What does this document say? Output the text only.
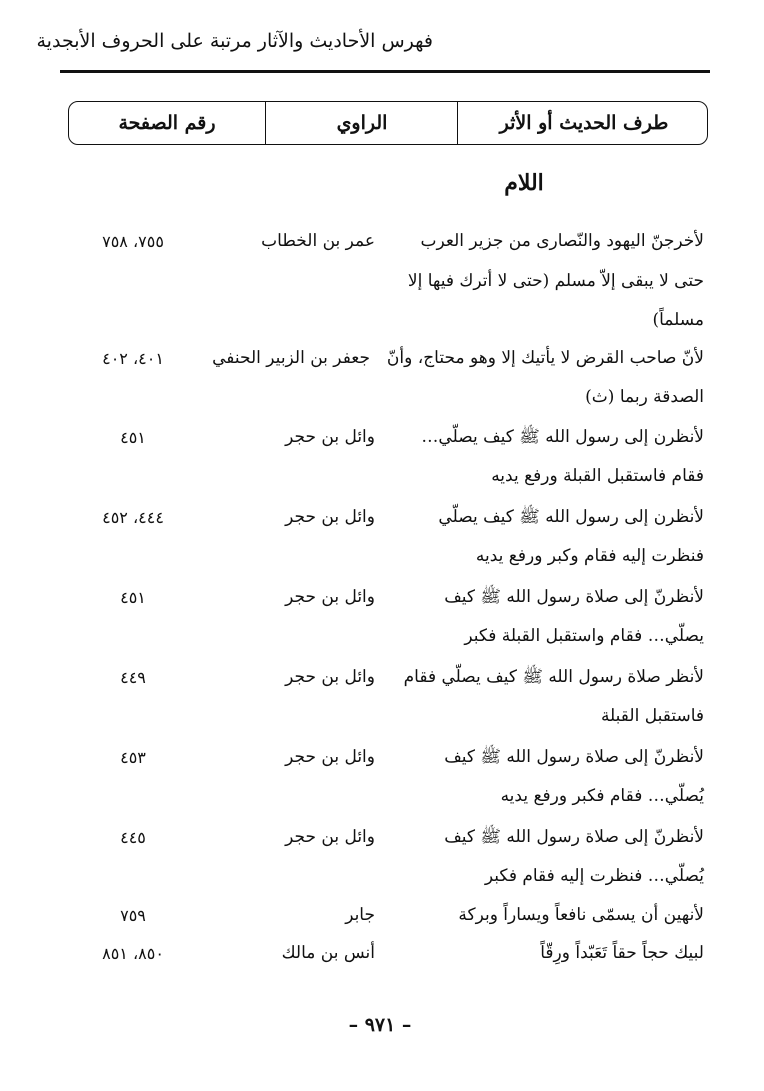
فهرس الأحاديث والآثار مرتبة على الحروف الأبجدية
طرف الحديث أو الأثر
الراوي
رقم الصفحة
اللام
لأخرجنّ اليهود والنّصارى من جزير العرب
عمر بن الخطاب
٧٥٥، ٧٥٨
حتى لا يبقى إلاّ مسلم (حتى لا أترك فيها إلا مسلماً)
لأنّ صاحب القرض لا يأتيك إلا وهو محتاج، وأنّ الصدقة ربما (ث)
جعفر بن الزبير الحنفي
٤٠١، ٤٠٢
لأنظرن إلى رسول الله ﷺ كيف يصلّي… فقام فاستقبل القبلة ورفع يديه
وائل بن حجر
٤٥١
لأنظرن إلى رسول الله ﷺ كيف يصلّي فنظرت إليه فقام وكبر ورفع يديه
وائل بن حجر
٤٤٤، ٤٥٢
لأنظرنّ إلى صلاة رسول الله ﷺ كيف يصلّي… فقام واستقبل القبلة فكبر
وائل بن حجر
٤٥١
لأنظر صلاة رسول الله ﷺ كيف يصلّي فقام فاستقبل القبلة
وائل بن حجر
٤٤٩
لأنظرنّ إلى صلاة رسول الله ﷺ كيف يُصلّي… فقام فكبر ورفع يديه
وائل بن حجر
٤٥٣
لأنظرنّ إلى صلاة رسول الله ﷺ كيف يُصلّي… فنظرت إليه فقام فكبر
وائل بن حجر
٤٤٥
لأنهين أن يسمّى نافعاً ويساراً وبركة
جابر
٧٥٩
لبيك حجاً حقاً تَعَبّداً ورِقّاً
أنس بن مالك
٨٥٠، ٨٥١
– ٩٧١ –
